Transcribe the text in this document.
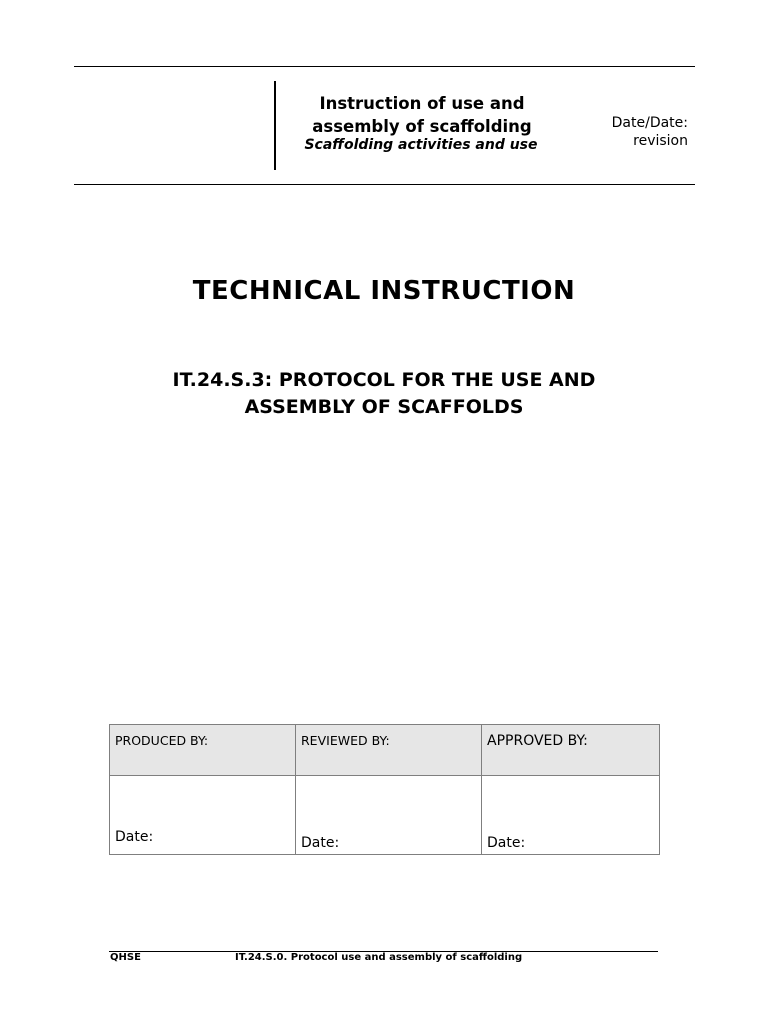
Instruction of use and
assembly of scaffolding
Scaffolding activities and use
Date/Date:
revision
TECHNICAL INSTRUCTION
IT.24.S.3: PROTOCOL FOR THE USE AND
ASSEMBLY OF SCAFFOLDS
PRODUCED BY:	REVIEWED BY:	APPROVED BY:

Date:	Date:	Date:
QHSE	IT.24.S.0. Protocol use and assembly of scaffolding
